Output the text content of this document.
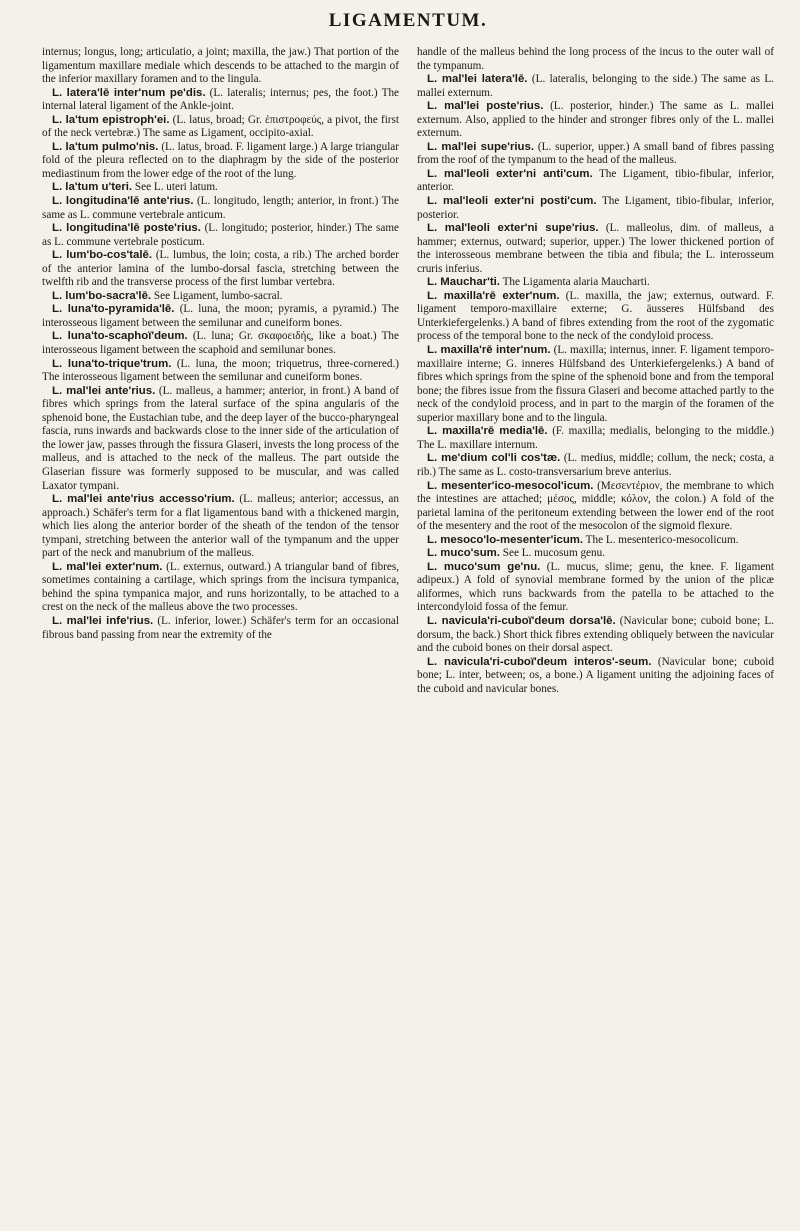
LIGAMENTUM.

internus; longus, long; articulatio, a joint; maxilla, the jaw.) That portion of the ligamentum maxillare mediale which descends to be attached to the margin of the inferior maxillary foramen and to the lingula.

L. latera'lē inter'num pe'dis. (L. lateralis; internus; pes, the foot.) The internal lateral ligament of the Ankle-joint.

L. la'tum epistroph'ei. (L. latus, broad; Gr. ἐπιστροφεύς, a pivot, the first of the neck vertebræ.) The same as Ligament, occipito-axial.

L. la'tum pulmo'nis. (L. latus, broad. F. ligament large.) A large triangular fold of the pleura reflected on to the diaphragm by the side of the posterior mediastinum from the lower edge of the root of the lung.

L. la'tum u'teri. See L. uteri latum.

L. longitudina'lē ante'rius. (L. longitudo, length; anterior, in front.) The same as L. commune vertebrale anticum.

L. longitudina'lē poste'rius. (L. longitudo; posterior, hinder.) The same as L. commune vertebrale posticum.

L. lum'bo-cos'talē. (L. lumbus, the loin; costa, a rib.) The arched border of the anterior lamina of the lumbo-dorsal fascia, stretching between the twelfth rib and the transverse process of the first lumbar vertebra.

L. lum'bo-sacra'lē. See Ligament, lumbo-sacral.

L. luna'to-pyramida'lē. (L. luna, the moon; pyramis, a pyramid.) The interosseous ligament between the semilunar and cuneiform bones.

L. luna'to-scaphoï'deum. (L. luna; Gr. σκαφοειδής, like a boat.) The interosseous ligament between the scaphoid and semilunar bones.

L. luna'to-trique'trum. (L. luna, the moon; triquetrus, three-cornered.) The interosseous ligament between the semilunar and cuneiform bones.

L. mal'lei ante'rius. (L. malleus, a hammer; anterior, in front.) A band of fibres which springs from the lateral surface of the spina angularis of the sphenoid bone, the Eustachian tube, and the deep layer of the bucco-pharyngeal fascia, runs inwards and backwards close to the inner side of the articulation of the lower jaw, passes through the fissura Glaseri, invests the long process of the malleus, and is attached to the neck of the malleus. The part outside the Glaserian fissure was formerly supposed to be muscular, and was called Laxator tympani.

L. mal'lei ante'rius accesso'rium. (L. malleus; anterior; accessus, an approach.) Schäfer's term for a flat ligamentous band with a thickened margin, which lies along the anterior border of the sheath of the tendon of the tensor tympani, stretching between the anterior wall of the tympanum and the upper part of the neck and manubrium of the malleus.

L. mal'lei exter'num. (L. externus, outward.) A triangular band of fibres, sometimes containing a cartilage, which springs from the incisura tympanica, behind the spina tympanica major, and runs horizontally, to be attached to a crest on the neck of the malleus above the two processes.

L. mal'lei infe'rius. (L. inferior, lower.) Schäfer's term for an occasional fibrous band passing from near the extremity of the

handle of the malleus behind the long process of the incus to the outer wall of the tympanum.

L. mal'lei latera'lē. (L. lateralis, belonging to the side.) The same as L. mallei externum.

L. mal'lei poste'rius. (L. posterior, hinder.) The same as L. mallei externum. Also, applied to the hinder and stronger fibres only of the L. mallei externum.

L. mal'lei supe'rius. (L. superior, upper.) A small band of fibres passing from the roof of the tympanum to the head of the malleus.

L. mal'leoli exter'ni anti'cum. The Ligament, tibio-fibular, inferior, anterior.

L. mal'leoli exter'ni posti'cum. The Ligament, tibio-fibular, inferior, posterior.

L. mal'leoli exter'ni supe'rius. (L. malleolus, dim. of malleus, a hammer; externus, outward; superior, upper.) The lower thickened portion of the interosseous membrane between the tibia and fibula; the L. interosseum cruris inferius.

L. Mauchar'ti. The Ligamenta alaria Maucharti.

L. maxilla'rē exter'num. (L. maxilla, the jaw; externus, outward. F. ligament temporo-maxillaire externe; G. äusseres Hülfsband des Unterkiefergelenks.) A band of fibres extending from the root of the zygomatic process of the temporal bone to the neck of the condyloid process.

L. maxilla'rē inter'num. (L. maxilla; internus, inner. F. ligament temporo-maxillaire interne; G. inneres Hülfsband des Unterkiefergelenks.) A band of fibres which springs from the spine of the sphenoid bone and from the temporal bone; the fibres issue from the fissura Glaseri and become attached partly to the neck of the condyloid process, and in part to the margin of the foramen of the superior maxillary bone and to the lingula.

L. maxilla'rē media'lē. (F. maxilla; medialis, belonging to the middle.) The L. maxillare internum.

L. me'dium col'li cos'tæ. (L. medius, middle; collum, the neck; costa, a rib.) The same as L. costo-transversarium breve anterius.

L. mesenter'ico-mesocol'icum. (Μεσεντέριον, the membrane to which the intestines are attached; μέσος, middle; κόλον, the colon.) A fold of the parietal lamina of the peritoneum extending between the lower end of the root of the mesentery and the root of the mesocolon of the sigmoid flexure.

L. mesoco'lo-mesenter'icum. The L. mesenterico-mesocolicum.

L. muco'sum. See L. mucosum genu.

L. muco'sum ge'nu. (L. mucus, slime; genu, the knee. F. ligament adipeux.) A fold of synovial membrane formed by the union of the plicæ aliformes, which runs backwards from the patella to be attached to the intercondyloid fossa of the femur.

L. navicula'ri-cuboï'deum dorsa'lē. (Navicular bone; cuboid bone; L. dorsum, the back.) Short thick fibres extending obliquely between the navicular and the cuboid bones on their dorsal aspect.

L. navicula'ri-cuboï'deum interos'-seum. (Navicular bone; cuboid bone; L. inter, between; os, a bone.) A ligament uniting the adjoining faces of the cuboid and navicular bones.
